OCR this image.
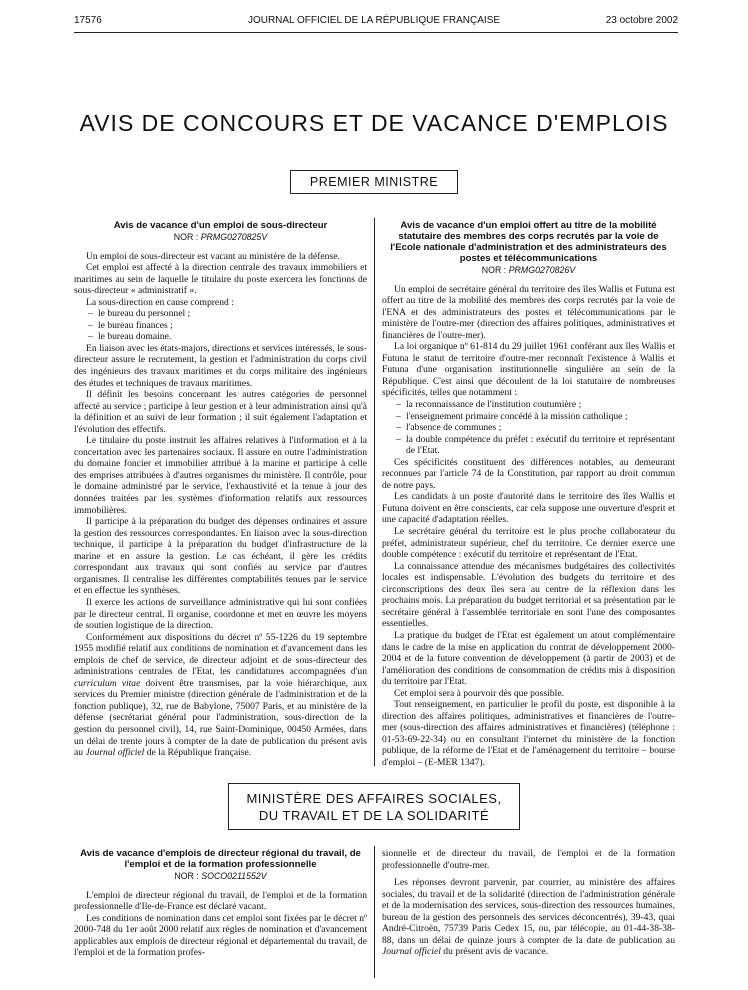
17576	JOURNAL OFFICIEL DE LA RÉPUBLIQUE FRANÇAISE	23 octobre 2002
AVIS DE CONCOURS ET DE VACANCE D'EMPLOIS
PREMIER MINISTRE

Avis de vacance d'un emploi de sous-directeur

NOR : PRMG0270825V

Un emploi de sous-directeur est vacant au ministère de la défense.

Cet emploi est affecté à la direction centrale des travaux immobiliers et maritimes au sein de laquelle le titulaire du poste exercera les fonctions de sous-directeur « administratif ».

La sous-direction en cause comprend :

– le bureau du personnel ;

– le bureau finances ;

– le bureau domaine.

En liaison avec les états-majors, directions et services intéressés, le sous-directeur assure le recrutement, la gestion et l'administration du corps civil des ingénieurs des travaux maritimes et du corps militaire des ingénieurs des études et techniques de travaux maritimes.

Il définit les besoins concernant les autres catégories de personnel affecté au service ; participe à leur gestion et à leur administration ainsi qu'à la définition et au suivi de leur formation ; il suit également l'adaptation et l'évolution des effectifs.

Le titulaire du poste instruit les affaires relatives à l'information et à la concertation avec les partenaires sociaux. Il assure en outre l'administration du domaine foncier et immobilier attribué à la marine et participe à celle des emprises attribuées à d'autres organismes du ministère. Il contrôle, pour le domaine administré par le service, l'exhaustivité et la tenue à jour des données traitées par les systèmes d'information relatifs aux ressources immobilières.

Il participe à la préparation du budget des dépenses ordinaires et assure la gestion des ressources correspondantes. En liaison avec la sous-direction technique, il participe à la préparation du budget d'infrastructure de la marine et en assure la gestion. Le cas échéant, il gère les crédits correspondant aux travaux qui sont confiés au service par d'autres organismes. Il centralise les différentes comptabilités tenues par le service et en effectue les synthèses.

Il exerce les actions de surveillance administrative qui lui sont confiées par le directeur central. Il organise, coordonne et met en œuvre les moyens de soutien logistique de la direction.

Conformément aux dispositions du décret nº 55-1226 du 19 septembre 1955 modifié relatif aux conditions de nomination et d'avancement dans les emplois de chef de service, de directeur adjoint et de sous-directeur des administrations centrales de l'Etat, les candidatures accompagnées d'un curriculum vitae doivent être transmises, par la voie hiérarchique, aux services du Premier ministre (direction générale de l'administration et de la fonction publique), 32, rue de Babylone, 75007 Paris, et au ministère de la défense (secrétariat général pour l'administration, sous-direction de la gestion du personnel civil), 14, rue Saint-Dominique, 00450 Armées, dans un délai de trente jours à compter de la date de publication du présent avis au Journal officiel de la République française.

Avis de vacance d'un emploi offert au titre de la mobilité statutaire des membres des corps recrutés par la voie de l'Ecole nationale d'administration et des administrateurs des postes et télécommunications

NOR : PRMG0270826V

Un emploi de secrétaire général du territoire des îles Wallis et Futuna est offert au titre de la mobilité des membres des corps recrutés par la voie de l'ENA et des administrateurs des postes et télécommunications par le ministère de l'outre-mer (direction des affaires politiques, administratives et financières de l'outre-mer).

La loi organique nº 61-814 du 29 juillet 1961 conférant aux îles Wallis et Futuna le statut de territoire d'outre-mer reconnaît l'existence à Wallis et Futuna d'une organisation institutionnelle singulière au sein de la République. C'est ainsi que découlent de la loi statutaire de nombreuses spécificités, telles que notamment :

– la reconnaissance de l'institution coutumière ;

– l'enseignement primaire concédé à la mission catholique ;

– l'absence de communes ;

– la double compétence du préfet : exécutif du territoire et représentant de l'Etat.

Ces spécificités constituent des différences notables, au demeurant reconnues par l'article 74 de la Constitution, par rapport au droit commun de notre pays.

Les candidats à un poste d'autorité dans le territoire des îles Wallis et Futuna doivent en être conscients, car cela suppose une ouverture d'esprit et une capacité d'adaptation réelles.

Le secrétaire général du territoire est le plus proche collaborateur du préfet, administrateur supérieur, chef du territoire. Ce dernier exerce une double compétence : exécutif du territoire et représentant de l'Etat.

La connaissance attendue des mécanismes budgétaires des collectivités locales est indispensable. L'évolution des budgets du territoire et des circonscriptions des deux îles sera au centre de la réflexion dans les prochains mois. La préparation du budget territorial et sa présentation par le secrétaire général à l'assemblée territoriale en sont l'une des composantes essentielles.

La pratique du budget de l'Etat est également un atout complémentaire dans le cadre de la mise en application du contrat de développement 2000-2004 et de la future convention de développement (à partir de 2003) et de l'amélioration des conditions de consommation de crédits mis à disposition du territoire par l'Etat.

Cet emploi sera à pourvoir dès que possible.

Tout renseignement, en particulier le profil du poste, est disponible à la direction des affaires politiques, administratives et financières de l'outre-mer (sous-direction des affaires administratives et financières) (téléphone : 01-53-69-22-34) ou en consultant l'internet du ministère de la fonction publique, de la réforme de l'Etat et de l'aménagement du territoire – bourse d'emploi – (E-MER 1347).

MINISTÈRE DES AFFAIRES SOCIALES,
DU TRAVAIL ET DE LA SOLIDARITÉ

Avis de vacance d'emplois de directeur régional du travail, de l'emploi et de la formation professionnelle

NOR : SOCO0211552V

L'emploi de directeur régional du travail, de l'emploi et de la formation professionnelle d'Ile-de-France est déclaré vacant.

Les conditions de nomination dans cet emploi sont fixées par le décret nº 2000-748 du 1er août 2000 relatif aux règles de nomination et d'avancement applicables aux emplois de directeur régional et départemental du travail, de l'emploi et de la formation profes-

sionnelle et de directeur du travail, de l'emploi et de la formation professionnelle d'outre-mer.

Les réponses devront parvenir, par courrier, au ministère des affaires sociales, du travail et de la solidarité (direction de l'administration générale et de la modernisation des services, sous-direction des ressources humaines, bureau de la gestion des personnels des services déconcentrés), 39-43, quai André-Citroën, 75739 Paris Cedex 15, ou, par télécopie, au 01-44-38-38-88, dans un délai de quinze jours à compter de la date de publication au Journal officiel du présent avis de vacance.
